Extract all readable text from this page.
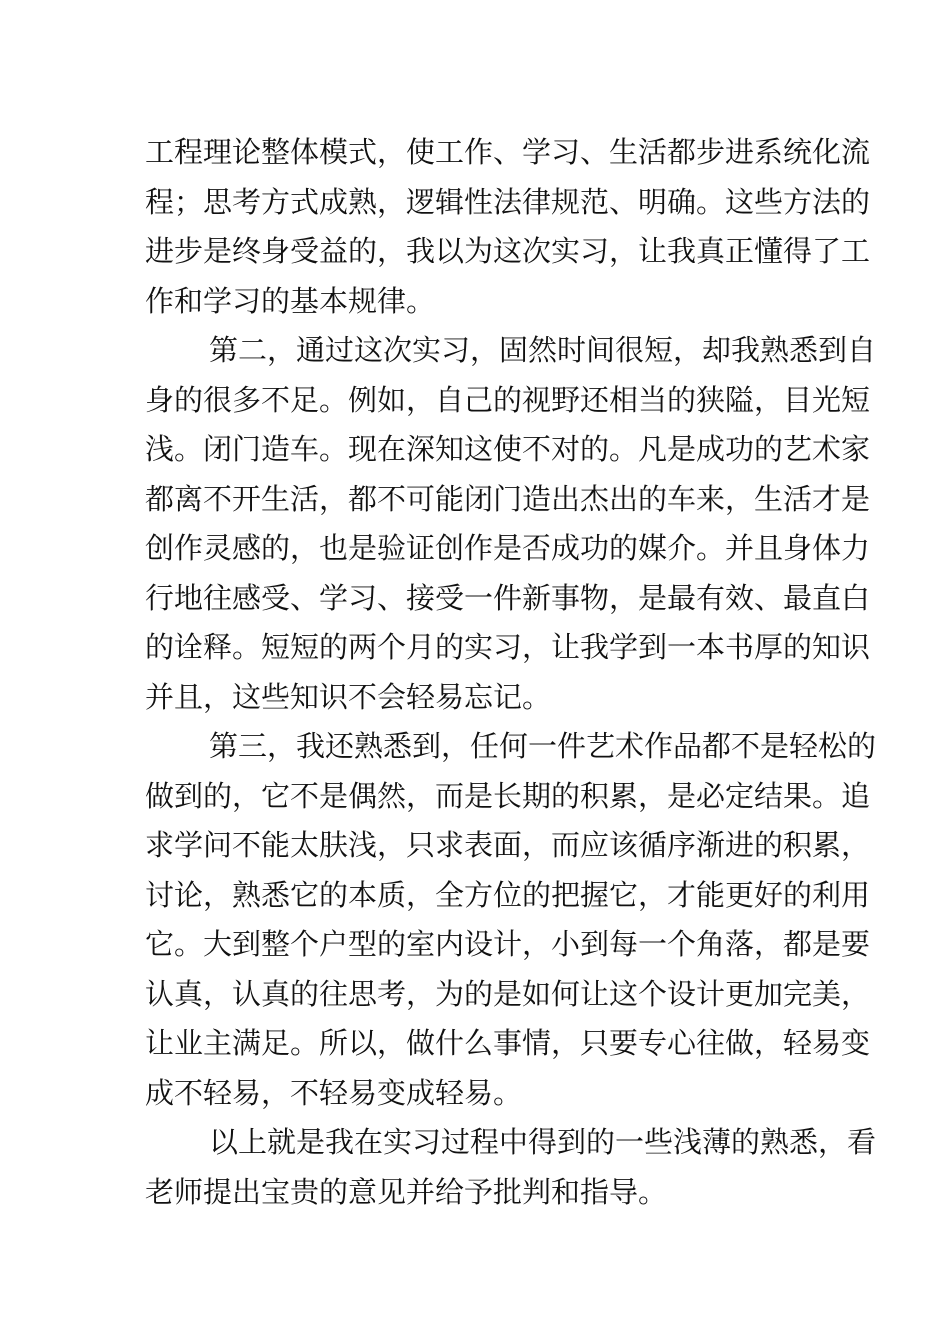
工程理论整体模式，使工作、学习、生活都步进系统化流
程；思考方式成熟，逻辑性法律规范、明确。这些方法的
进步是终身受益的，我以为这次实习，让我真正懂得了工
作和学习的基本规律。
第二，通过这次实习，固然时间很短，却我熟悉到自
身的很多不足。例如，自己的视野还相当的狭隘，目光短
浅。闭门造车。现在深知这使不对的。凡是成功的艺术家
都离不开生活，都不可能闭门造出杰出的车来，生活才是
创作灵感的，也是验证创作是否成功的媒介。并且身体力
行地往感受、学习、接受一件新事物，是最有效、最直白
的诠释。短短的两个月的实习，让我学到一本书厚的知识
并且，这些知识不会轻易忘记。
第三，我还熟悉到，任何一件艺术作品都不是轻松的
做到的，它不是偶然，而是长期的积累，是必定结果。追
求学问不能太肤浅，只求表面，而应该循序渐进的积累，
讨论，熟悉它的本质，全方位的把握它，才能更好的利用
它。大到整个户型的室内设计，小到每一个角落，都是要
认真，认真的往思考，为的是如何让这个设计更加完美，
让业主满足。所以，做什么事情，只要专心往做，轻易变
成不轻易，不轻易变成轻易。
以上就是我在实习过程中得到的一些浅薄的熟悉，看
老师提出宝贵的意见并给予批判和指导。
